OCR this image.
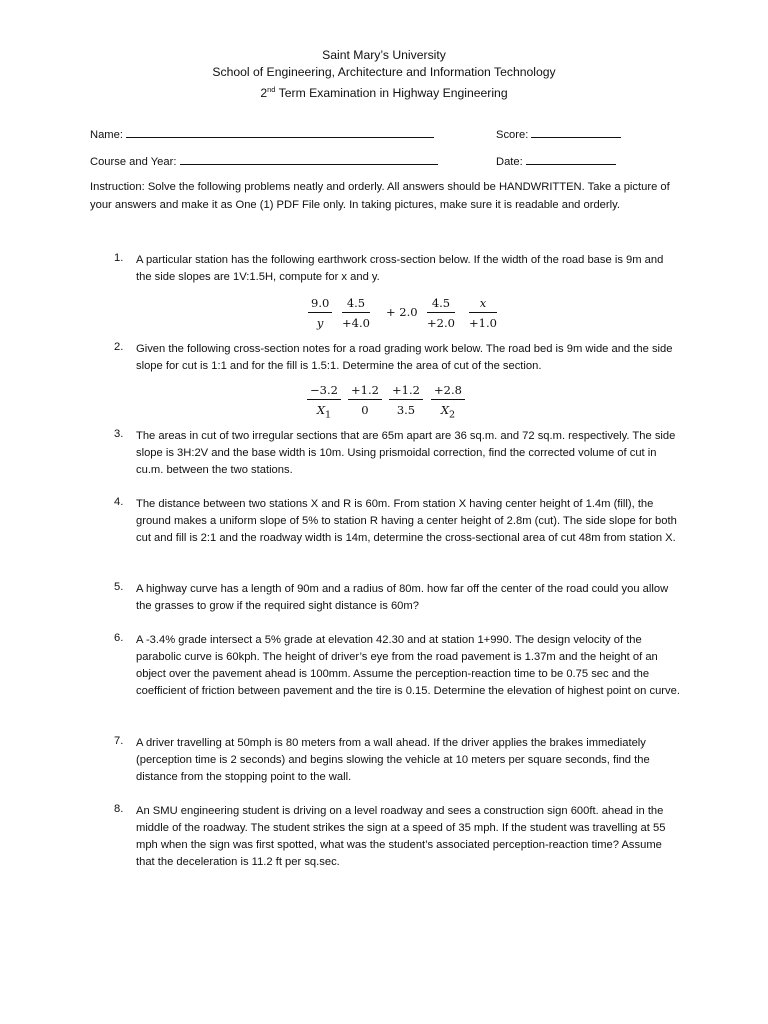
Saint Mary’s University
School of Engineering, Architecture and Information Technology
2nd Term Examination in Highway Engineering
Name:	Score:
Course and Year:	Date:
Instruction: Solve the following problems neatly and orderly. All answers should be HANDWRITTEN. Take a picture of your answers and make it as One (1) PDF File only. In taking pictures, make sure it is readable and orderly.
1. A particular station has the following earthwork cross-section below. If the width of the road base is 9m and the side slopes are 1V:1.5H, compute for x and y.
$\frac{9.0}{y} \frac{4.5}{+4.0} + 2.0 \frac{4.5}{+2.0} \frac{x}{+1.0}$
2. Given the following cross-section notes for a road grading work below. The road bed is 9m wide and the side slope for cut is 1:1 and for the fill is 1.5:1. Determine the area of cut of the section.
$\frac{-3.2}{X_1} \frac{+1.2}{0} \frac{+1.2}{3.5} \frac{+2.8}{X_2}$
3. The areas in cut of two irregular sections that are 65m apart are 36 sq.m. and 72 sq.m. respectively. The side slope is 3H:2V and the base width is 10m. Using prismoidal correction, find the corrected volume of cut in cu.m. between the two stations.
4. The distance between two stations X and R is 60m. From station X having center height of 1.4m (fill), the ground makes a uniform slope of 5% to station R having a center height of 2.8m (cut). The side slope for both cut and fill is 2:1 and the roadway width is 14m, determine the cross-sectional area of cut 48m from station X.
5. A highway curve has a length of 90m and a radius of 80m. how far off the center of the road could you allow the grasses to grow if the required sight distance is 60m?
6. A -3.4% grade intersect a 5% grade at elevation 42.30 and at station 1+990. The design velocity of the parabolic curve is 60kph. The height of driver’s eye from the road pavement is 1.37m and the height of an object over the pavement ahead is 100mm. Assume the perception-reaction time to be 0.75 sec and the coefficient of friction between pavement and the tire is 0.15. Determine the elevation of highest point on curve.
7. A driver travelling at 50mph is 80 meters from a wall ahead. If the driver applies the brakes immediately (perception time is 2 seconds) and begins slowing the vehicle at 10 meters per square seconds, find the distance from the stopping point to the wall.
8. An SMU engineering student is driving on a level roadway and sees a construction sign 600ft. ahead in the middle of the roadway. The student strikes the sign at a speed of 35 mph. If the student was travelling at 55 mph when the sign was first spotted, what was the student’s associated perception-reaction time? Assume that the deceleration is 11.2 ft per sq.sec.
